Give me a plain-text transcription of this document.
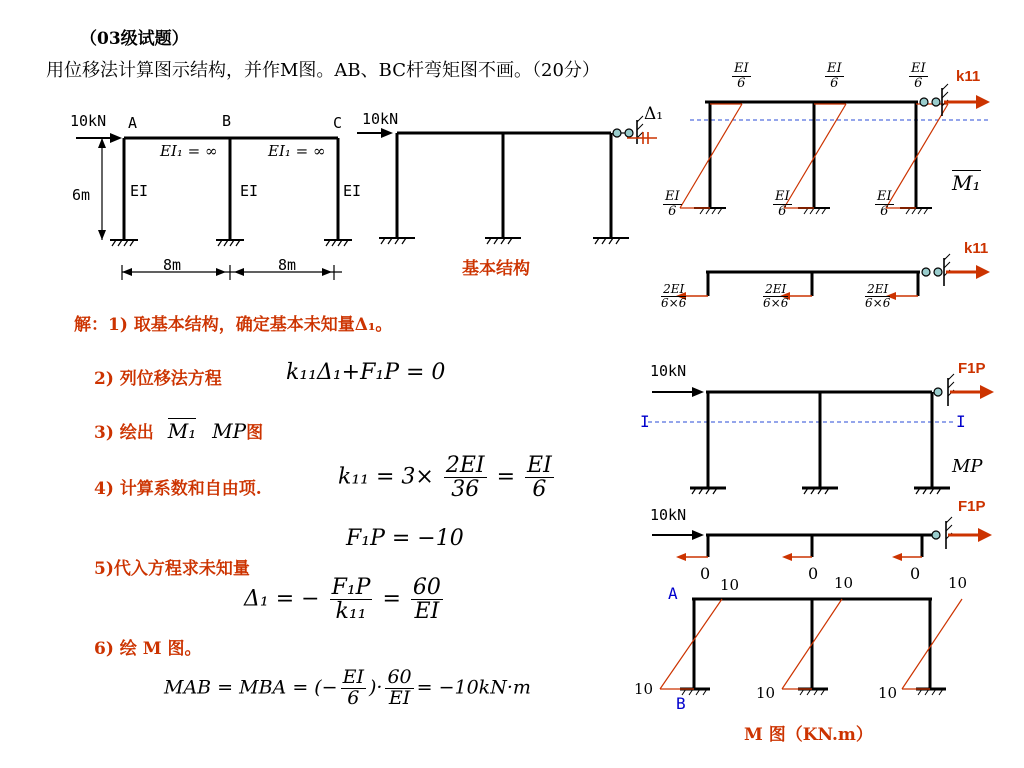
（03级试题）
用位移法计算图示结构，并作M图。AB、BC杆弯矩图不画。（20分）
10kN A	B	C
EI₁ = ∞	EI₁ = ∞
EI	EI	EI
6m
8m	8m
10kN	Δ₁
基本结构
$\frac{EI}{6}$	$\frac{EI}{6}$	$\frac{EI}{6}$
$\frac{EI}{6}$	$\frac{EI}{6}$	$\frac{EI}{6}$
M₁
k11
k11
$\frac{2EI}{6\times 6}$	$\frac{2EI}{6\times 6}$	$\frac{2EI}{6\times 6}$
10kN	F1P
I	I
MP
10kN	F1P
0	0	0
A
B
10	10	10
10	10	10
M 图（KN.m）
解：1) 取基本结构，确定基本未知量Δ₁。
2) 列位移法方程	k₁₁Δ₁+F₁P = 0
3) 绘出 M₁ MP图
4) 计算系数和自由项.	$k_{11} = 3\times \frac{2EI}{36} = \frac{EI}{6}$
F₁P = −10
5)代入方程求未知量
Δ₁ = − $\frac{\text{F₁P}}{\text{k₁₁}} = \frac{60}{EI}$
6) 绘 M 图。
MAB = MBA = (− $\frac{EI}{6}$ )· $\frac{60}{EI} = -10kN\cdot m$
